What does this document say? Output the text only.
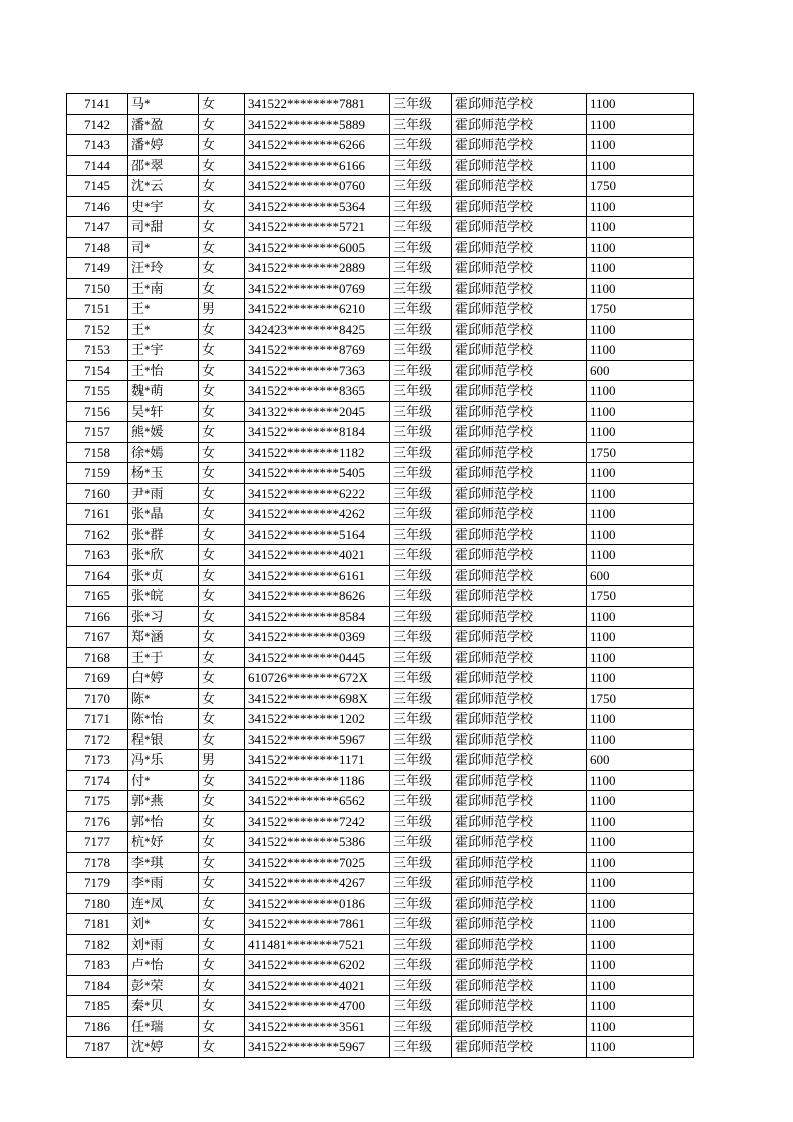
7141	马*	女	341522********7881	三年级	霍邱师范学校	1100
7142	潘*盈	女	341522********5889	三年级	霍邱师范学校	1100
7143	潘*婷	女	341522********6266	三年级	霍邱师范学校	1100
7144	邵*翠	女	341522********6166	三年级	霍邱师范学校	1100
7145	沈*云	女	341522********0760	三年级	霍邱师范学校	1750
7146	史*宇	女	341522********5364	三年级	霍邱师范学校	1100
7147	司*甜	女	341522********5721	三年级	霍邱师范学校	1100
7148	司*	女	341522********6005	三年级	霍邱师范学校	1100
7149	汪*玲	女	341522********2889	三年级	霍邱师范学校	1100
7150	王*南	女	341522********0769	三年级	霍邱师范学校	1100
7151	王*	男	341522********6210	三年级	霍邱师范学校	1750
7152	王*	女	342423********8425	三年级	霍邱师范学校	1100
7153	王*宇	女	341522********8769	三年级	霍邱师范学校	1100
7154	王*怡	女	341522********7363	三年级	霍邱师范学校	600
7155	魏*萌	女	341522********8365	三年级	霍邱师范学校	1100
7156	吴*轩	女	341322********2045	三年级	霍邱师范学校	1100
7157	熊*媛	女	341522********8184	三年级	霍邱师范学校	1100
7158	徐*嫣	女	341522********1182	三年级	霍邱师范学校	1750
7159	杨*玉	女	341522********5405	三年级	霍邱师范学校	1100
7160	尹*雨	女	341522********6222	三年级	霍邱师范学校	1100
7161	张*晶	女	341522********4262	三年级	霍邱师范学校	1100
7162	张*群	女	341522********5164	三年级	霍邱师范学校	1100
7163	张*欣	女	341522********4021	三年级	霍邱师范学校	1100
7164	张*贞	女	341522********6161	三年级	霍邱师范学校	600
7165	张*皖	女	341522********8626	三年级	霍邱师范学校	1750
7166	张*习	女	341522********8584	三年级	霍邱师范学校	1100
7167	郑*涵	女	341522********0369	三年级	霍邱师范学校	1100
7168	王*于	女	341522********0445	三年级	霍邱师范学校	1100
7169	白*婷	女	610726********672X	三年级	霍邱师范学校	1100
7170	陈*	女	341522********698X	三年级	霍邱师范学校	1750
7171	陈*怡	女	341522********1202	三年级	霍邱师范学校	1100
7172	程*银	女	341522********5967	三年级	霍邱师范学校	1100
7173	冯*乐	男	341522********1171	三年级	霍邱师范学校	600
7174	付*	女	341522********1186	三年级	霍邱师范学校	1100
7175	郭*燕	女	341522********6562	三年级	霍邱师范学校	1100
7176	郭*怡	女	341522********7242	三年级	霍邱师范学校	1100
7177	杭*妤	女	341522********5386	三年级	霍邱师范学校	1100
7178	李*琪	女	341522********7025	三年级	霍邱师范学校	1100
7179	李*雨	女	341522********4267	三年级	霍邱师范学校	1100
7180	连*凤	女	341522********0186	三年级	霍邱师范学校	1100
7181	刘*	女	341522********7861	三年级	霍邱师范学校	1100
7182	刘*雨	女	411481********7521	三年级	霍邱师范学校	1100
7183	卢*怡	女	341522********6202	三年级	霍邱师范学校	1100
7184	彭*荣	女	341522********4021	三年级	霍邱师范学校	1100
7185	秦*贝	女	341522********4700	三年级	霍邱师范学校	1100
7186	任*瑞	女	341522********3561	三年级	霍邱师范学校	1100
7187	沈*婷	女	341522********5967	三年级	霍邱师范学校	1100
